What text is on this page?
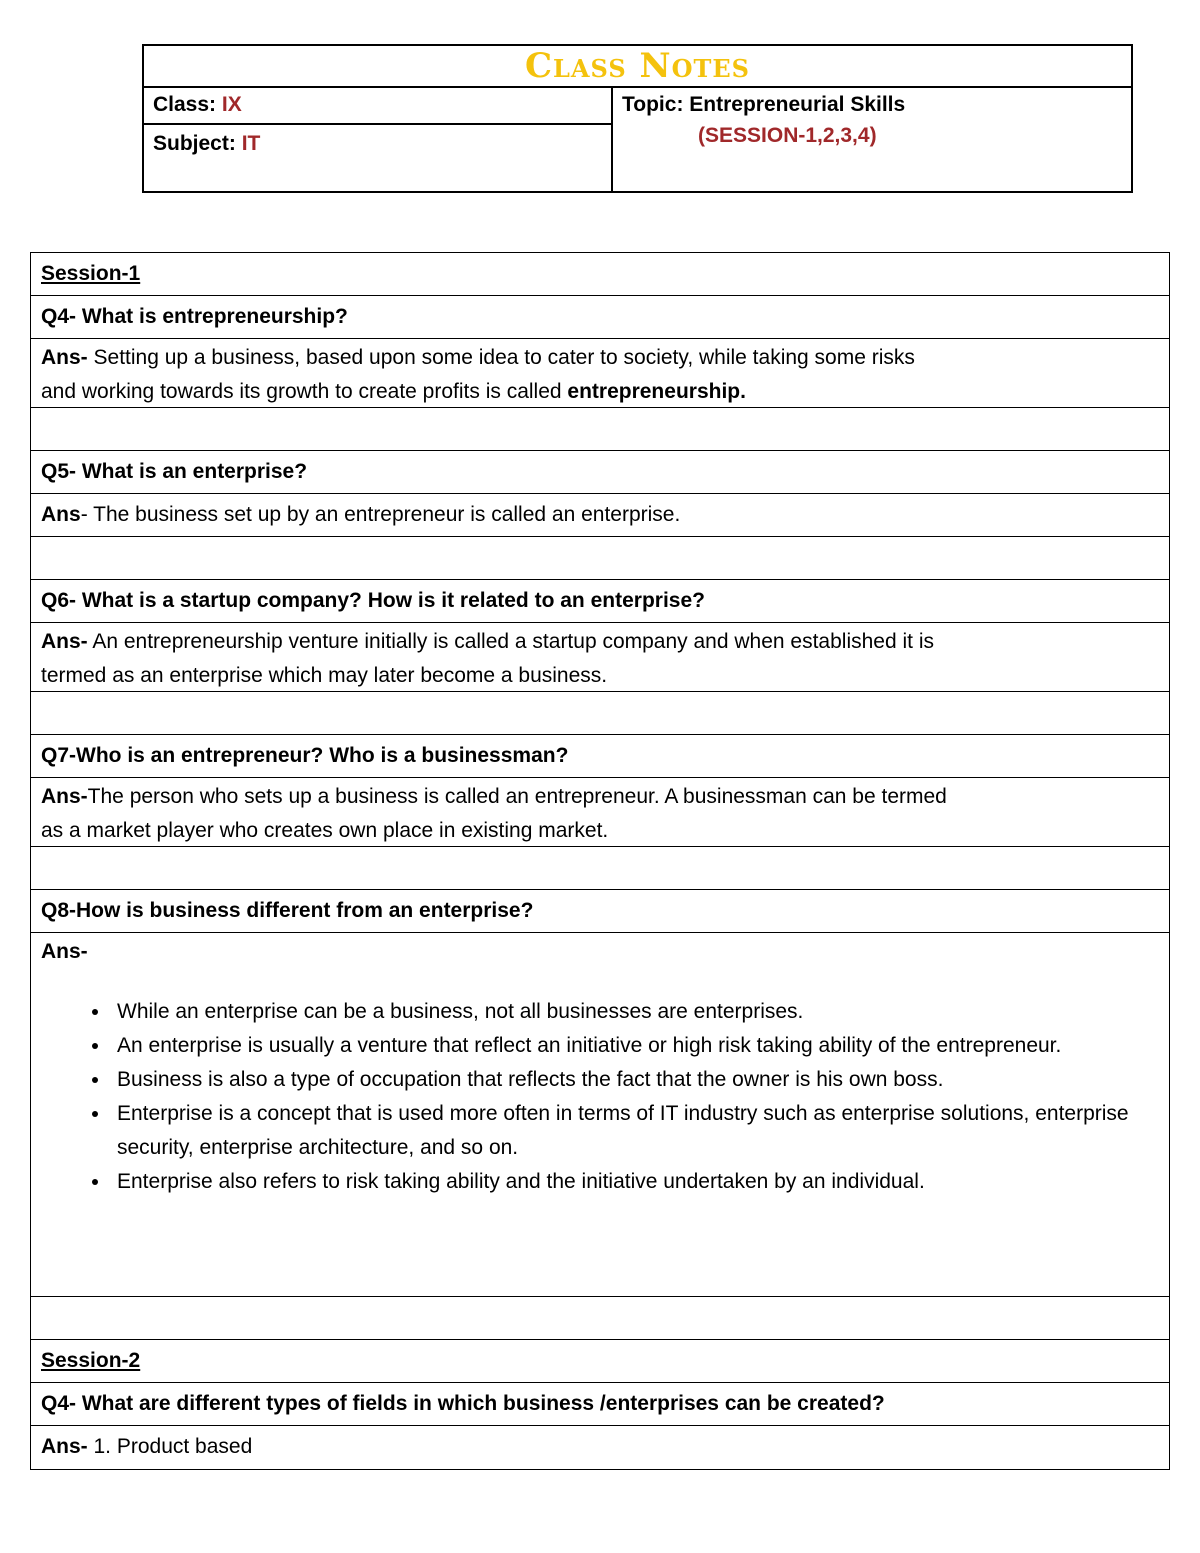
Class Notes
Class: IX
Subject: IT
Topic: Entrepreneurial Skills
(SESSION-1,2,3,4)
Session-1
Q4- What is entrepreneurship?
Ans- Setting up a business, based upon some idea to cater to society, while taking some risks
and working towards its growth to create profits is called entrepreneurship.
Q5- What is an enterprise?
Ans- The business set up by an entrepreneur is called an enterprise.
Q6- What is a startup company? How is it related to an enterprise?
Ans- An entrepreneurship venture initially is called a startup company and when established it is
termed as an enterprise which may later become a business.
Q7-Who is an entrepreneur? Who is a businessman?
Ans-The person who sets up a business is called an entrepreneur. A businessman can be termed
as a market player who creates own place in existing market.
Q8-How is business different from an enterprise?
Ans-
• While an enterprise can be a business, not all businesses are enterprises.
• An enterprise is usually a venture that reflect an initiative or high risk taking ability of the entrepreneur.
• Business is also a type of occupation that reflects the fact that the owner is his own boss.
• Enterprise is a concept that is used more often in terms of IT industry such as enterprise solutions, enterprise security, enterprise architecture, and so on.
• Enterprise also refers to risk taking ability and the initiative undertaken by an individual.
Session-2
Q4- What are different types of fields in which business /enterprises can be created?
Ans- 1. Product based
